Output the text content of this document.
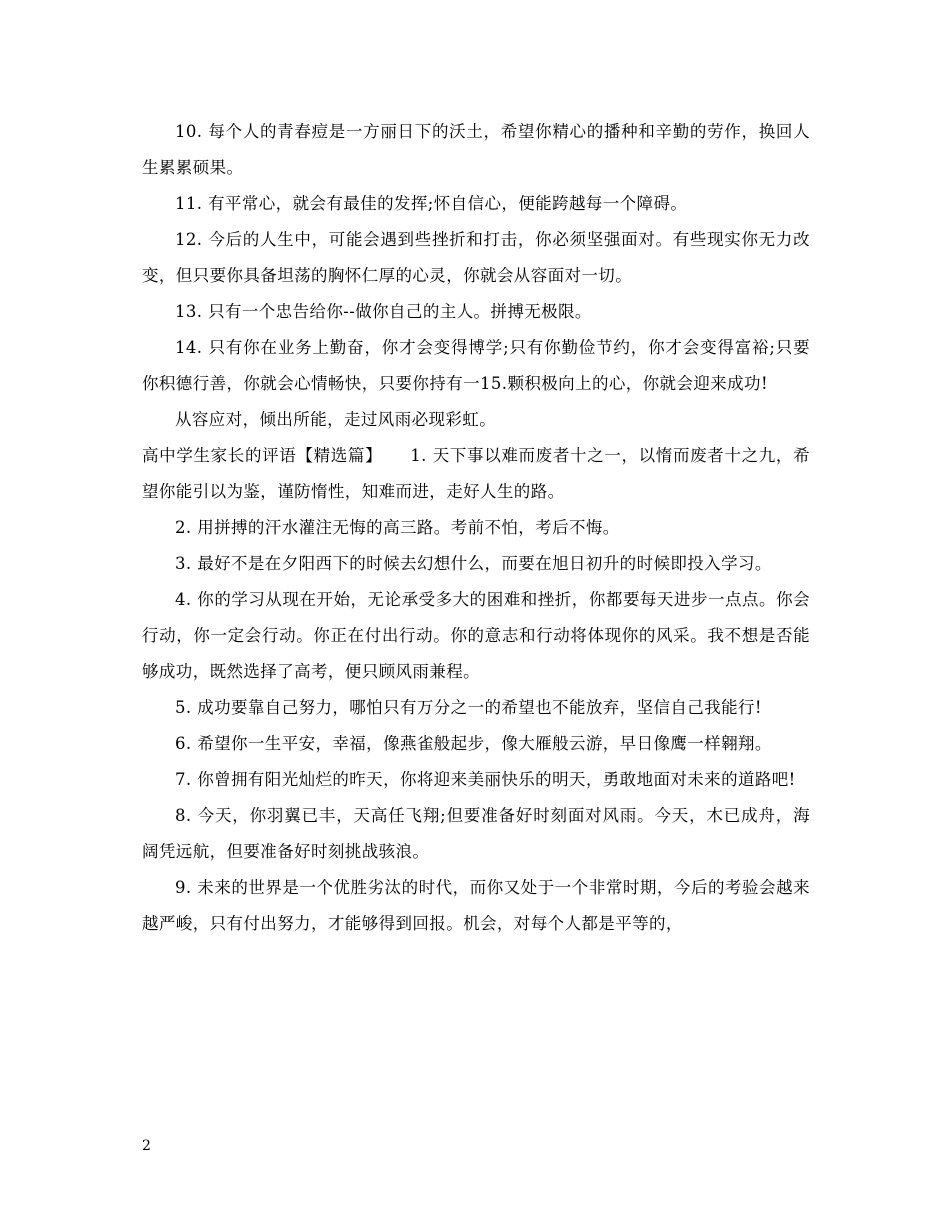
10. 每个人的青春痘是一方丽日下的沃土，希望你精心的播种和辛勤的劳作，换回人生累累硕果。

11. 有平常心，就会有最佳的发挥;怀自信心，便能跨越每一个障碍。

12. 今后的人生中，可能会遇到些挫折和打击，你必须坚强面对。有些现实你无力改变，但只要你具备坦荡的胸怀仁厚的心灵，你就会从容面对一切。

13. 只有一个忠告给你--做你自己的主人。拼搏无极限。

14. 只有你在业务上勤奋，你才会变得博学;只有你勤俭节约，你才会变得富裕;只要你积德行善，你就会心情畅快，只要你持有一15.颗积极向上的心，你就会迎来成功!

从容应对，倾出所能，走过风雨必现彩虹。

高中学生家长的评语【精选篇】 1. 天下事以难而废者十之一，以惰而废者十之九，希望你能引以为鉴，谨防惰性，知难而进，走好人生的路。

2. 用拼搏的汗水灌注无悔的高三路。考前不怕，考后不悔。

3. 最好不是在夕阳西下的时候去幻想什么，而要在旭日初升的时候即投入学习。

4. 你的学习从现在开始，无论承受多大的困难和挫折，你都要每天进步一点点。你会行动，你一定会行动。你正在付出行动。你的意志和行动将体现你的风采。我不想是否能够成功，既然选择了高考，便只顾风雨兼程。

5. 成功要靠自己努力，哪怕只有万分之一的希望也不能放弃，坚信自己我能行!

6. 希望你一生平安，幸福，像燕雀般起步，像大雁般云游，早日像鹰一样翱翔。

7. 你曾拥有阳光灿烂的昨天，你将迎来美丽快乐的明天，勇敢地面对未来的道路吧!

8. 今天，你羽翼已丰，天高任飞翔;但要准备好时刻面对风雨。今天，木已成舟，海阔凭远航，但要准备好时刻挑战骇浪。

9. 未来的世界是一个优胜劣汰的时代，而你又处于一个非常时期，今后的考验会越来越严峻，只有付出努力，才能够得到回报。机会，对每个人都是平等的，

2
